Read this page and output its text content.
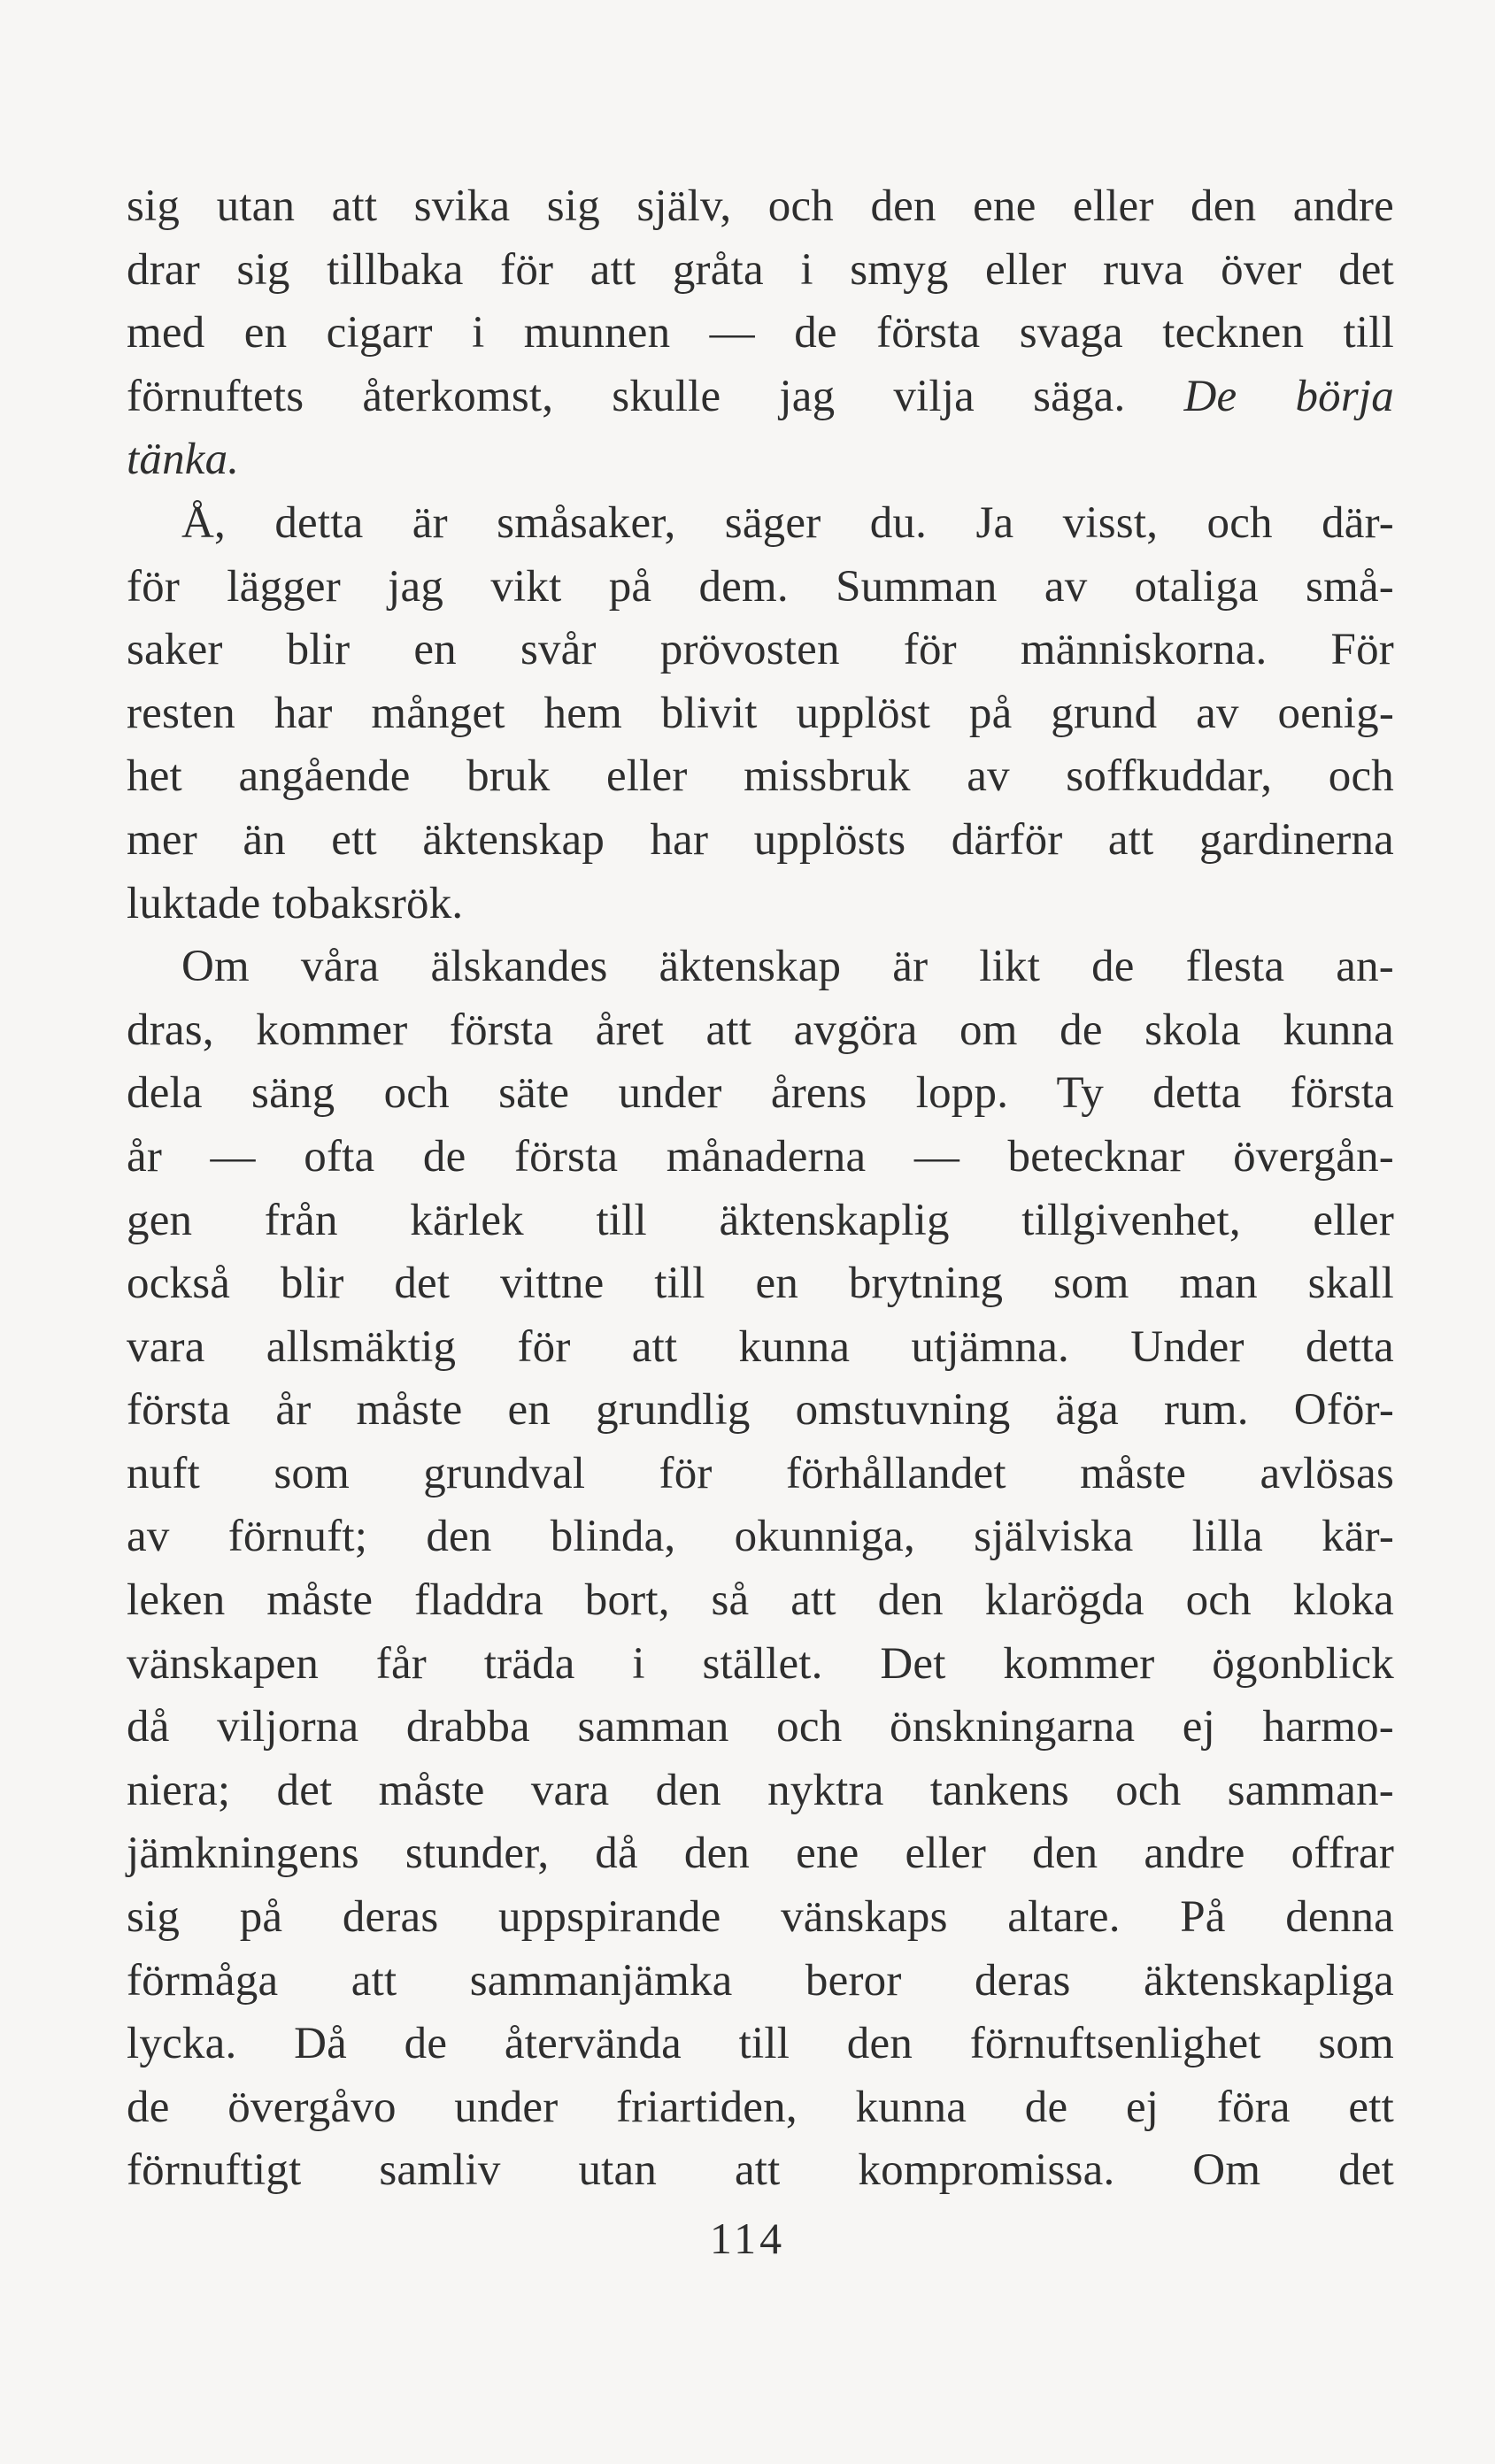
sig utan att svika sig själv, och den ene eller den andre
drar sig tillbaka för att gråta i smyg eller ruva över det
med en cigarr i munnen — de första svaga tecknen till
förnuftets återkomst, skulle jag vilja säga. De börja
tänka.
Å, detta är småsaker, säger du. Ja visst, och där-
för lägger jag vikt på dem. Summan av otaliga små-
saker blir en svår prövosten för människorna. För
resten har månget hem blivit upplöst på grund av oenig-
het angående bruk eller missbruk av soffkuddar, och
mer än ett äktenskap har upplösts därför att gardinerna
luktade tobaksrök.
Om våra älskandes äktenskap är likt de flesta an-
dras, kommer första året att avgöra om de skola kunna
dela säng och säte under årens lopp. Ty detta första
år — ofta de första månaderna — betecknar övergån-
gen från kärlek till äktenskaplig tillgivenhet, eller
också blir det vittne till en brytning som man skall
vara allsmäktig för att kunna utjämna. Under detta
första år måste en grundlig omstuvning äga rum. Oför-
nuft som grundval för förhållandet måste avlösas
av förnuft; den blinda, okunniga, själviska lilla kär-
leken måste fladdra bort, så att den klarögda och kloka
vänskapen får träda i stället. Det kommer ögonblick
då viljorna drabba samman och önskningarna ej harmo-
niera; det måste vara den nyktra tankens och samman-
jämkningens stunder, då den ene eller den andre offrar
sig på deras uppspirande vänskaps altare. På denna
förmåga att sammanjämka beror deras äktenskapliga
lycka. Då de återvända till den förnuftsenlighet som
de övergåvo under friartiden, kunna de ej föra ett
förnuftigt samliv utan att kompromissa. Om det
114
